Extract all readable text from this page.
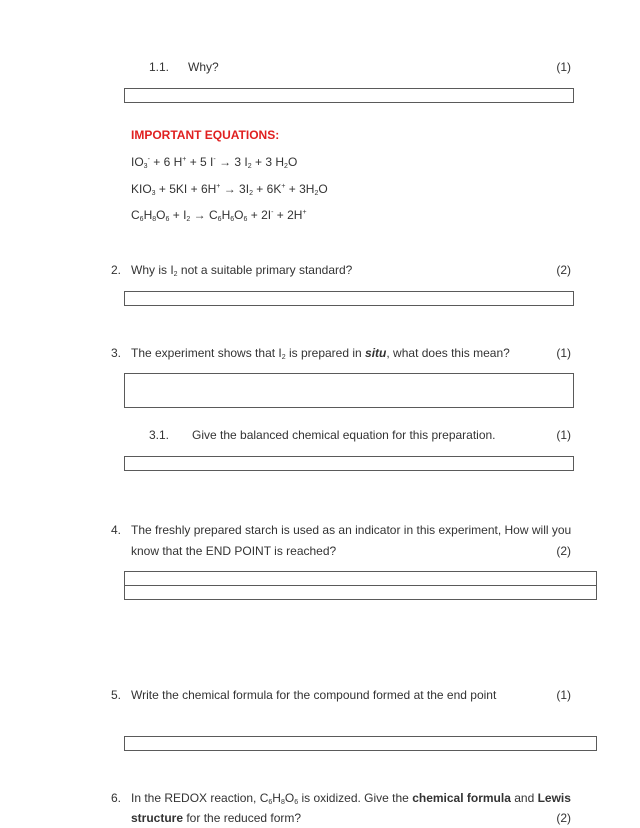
1.1. Why?	(1)
IMPORTANT EQUATIONS:
$IO_3^- + 6$ H+ + 5 I- → 3 $I_2 + 3$ $H_2O$
$KIO_3 + 5KI + 6H^+ \to 3I_2 + 6K^+ + 3H_2O$
$C_6H_8O_6 + I_2 \to C_6H_6O_6 + 2I^- + 2H^+$
2. Why is $I_2$ not a suitable primary standard?	(2)
3. The experiment shows that $I_2$ is prepared in situ, what does this mean?	(1)
3.1. Give the balanced chemical equation for this preparation.	(1)
4. The freshly prepared starch is used as an indicator in this experiment, How will you
know that the END POINT is reached?	(2)
5. Write the chemical formula for the compound formed at the end point	(1)
6. In the REDOX reaction, $C_6H_8O_6$ is oxidized. Give the chemical formula and Lewis
structure for the reduced form?	(2)
